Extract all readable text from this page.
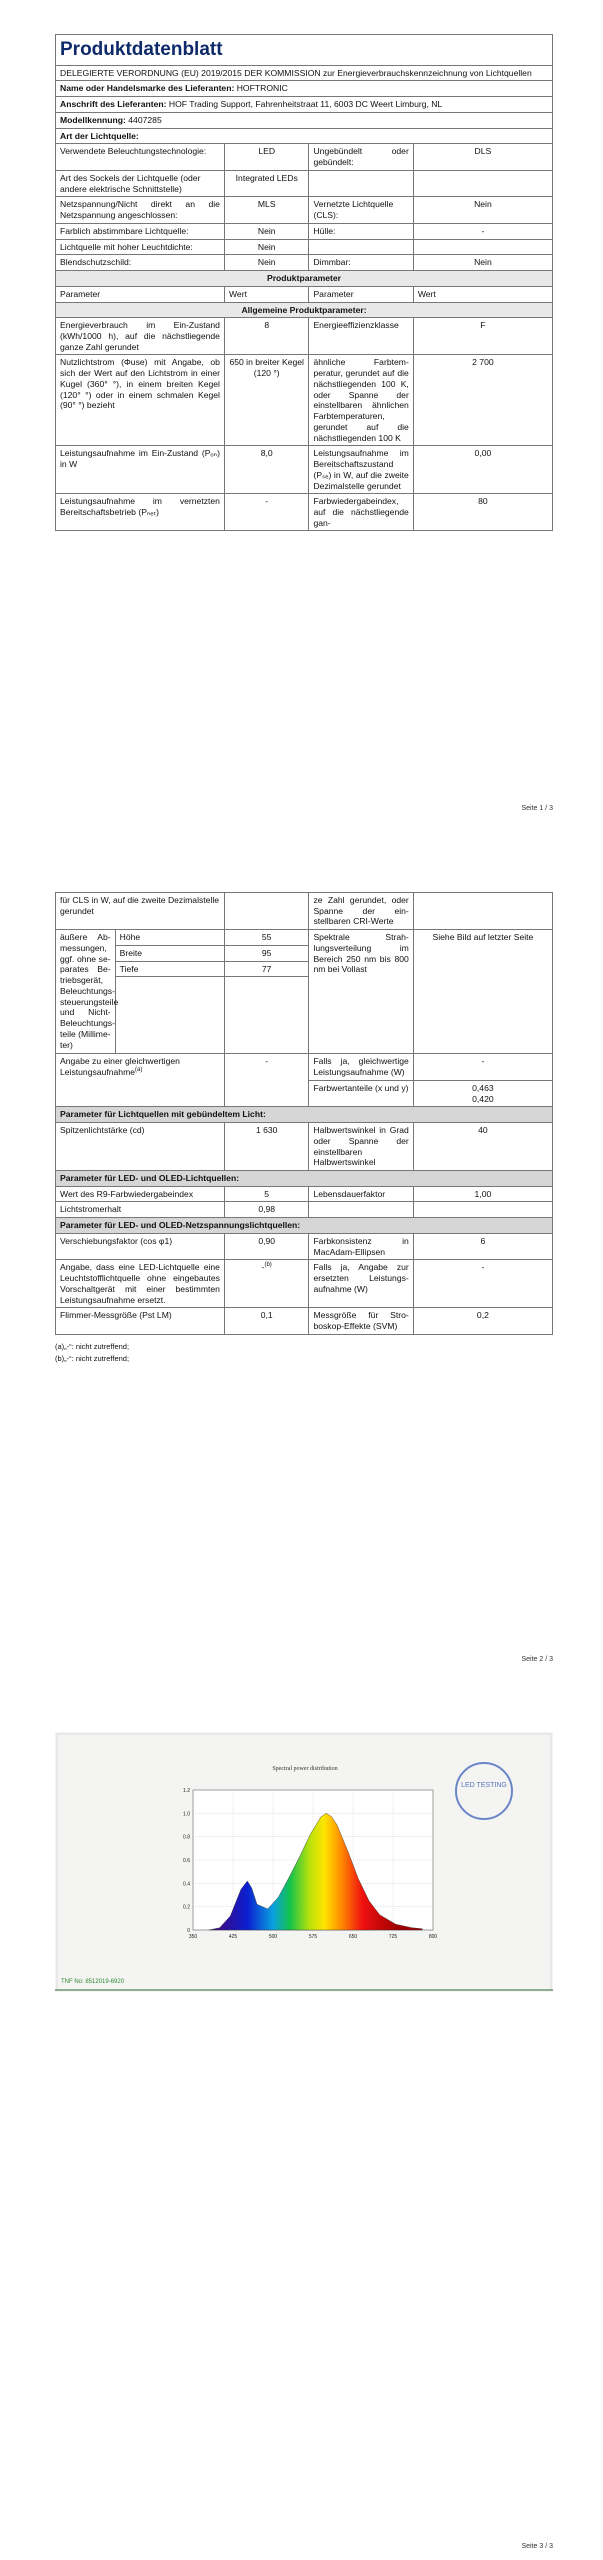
Produktdatenblatt			
DELEGIERTE VERORDNUNG (EU) 2019/2015 DER KOMMISSION zur Energieverbrauchskennzeichnung von Lichtquellen			
Name oder Handelsmarke des Lieferanten: HOFTRONIC			
Anschrift des Lieferanten: HOF Trading Support, Fahrenheitstraat 11, 6003 DC Weert Limburg, NL			
Modellkennung: 4407285			
Art der Lichtquelle:			
Verwendete Beleuchtungstechnologie:	LED	Ungebündelt oder gebündelt:	DLS
Art des Sockels der Lichtquelle (oder andere elektrische Schnittstelle)	Integrated LEDs		
Netzspannung/Nicht direkt an die Netzspannung angeschlossen:	MLS	Vernetzte Lichtquelle (CLS):	Nein
Farblich abstimmbare Lichtquelle:	Nein	Hülle:	-
Lichtquelle mit hoher Leuchtdichte:	Nein		
Blendschutzschild:	Nein	Dimmbar:	Nein
Produktparameter			
Parameter	Wert	Parameter	Wert
Allgemeine Produktparameter:			
Energieverbrauch im Ein-Zustand (kWh/1000 h), auf die nächstliegende ganze Zahl gerundet	8	Energieeffizienzklasse	F
Nutzlichtstrom (Φuse) mit Angabe, ob sich der Wert auf den Lichtstrom in einer Kugel (360° °), in einem breiten Kegel (120° °) oder in einem schmalen Kegel (90° °) bezieht	650 in breiter Kegel (120 °)	ähnliche Farbtemperatur, gerundet auf die nächstliegenden 100 K, oder Spanne der einstellbaren ähnlichen Farbtemperaturen, gerundet auf die nächstliegenden 100 K	2 700
Leistungsaufnahme im Ein-Zustand (Pₒₙ) in W	8,0	Leistungsaufnahme im Bereitschaftszustand (Pₛₑ) in W, auf die zweite Dezimalstelle gerundet	0,00
Leistungsaufnahme im vernetzten Bereitschaftsbetrieb (Pₙₑₜ)	-	Farbwiedergabeindex, auf die nächstliegende gan-	80
Seite 1 / 3
für CLS in W, auf die zweite Dezimalstelle gerundet			ze Zahl gerundet, oder Spanne der einstellbaren CRI-Werte	
äußere Abmessungen, ggf. ohne separates Betriebsgerät, Beleuchtungssteuerungsteile und Nicht-Beleuchtungsteile (Millimeter)	Höhe	55	Spektrale Strahlungsverteilung im Bereich 250 nm bis 800 nm bei Vollast	Siehe Bild auf letzter Seite
	Breite	95		
	Tiefe	77		

Angabe zu einer gleichwertigen Leistungsaufnahme$^{(a)}$		-	Falls ja, gleichwertige Leistungsaufnahme (W)	-
			Farbwertanteile (x und y)	0,463
0,420

Parameter für Lichtquellen mit gebündeltem Licht:				
Spitzenlichtstärke (cd)		1 630	Halbwertswinkel in Grad oder Spanne der einstellbaren Halbwertswinkel	40
Parameter für LED- und OLED-Lichtquellen:				
Wert des R9-Farbwiedergabeindex		5	Lebensdauerfaktor	1,00
Lichtstromerhalt		0,98		
Parameter für LED- und OLED-Netzspannungslichtquellen:				
Verschiebungsfaktor (cos φ1)		0,90	Farbkonsistenz in MacAdam-Ellipsen	6
Angabe, dass eine LED-Lichtquelle eine Leuchtstofflichtquelle ohne eingebautes Vorschaltgerät mit einer bestimmten Leistungsaufnahme ersetzt.		-$^{(b)}$	Falls ja, Angabe zur ersetzten Leistungsaufnahme (W)	-
Flimmer-Messgröße (Pst LM)		0,1	Messgröße für Stroboskop-Effekte (SVM)	0,2
(a)„-“: nicht zutreffend;
(b)„-“: nicht zutreffend;
Seite 2 / 3
LED TESTING
Spectral power distribution
350	425	500	575	650	725	800
0
0.2
0.4
0.6
0.8
1.0
1.2
TNF No: 8512019-6920
Seite 3 / 3
